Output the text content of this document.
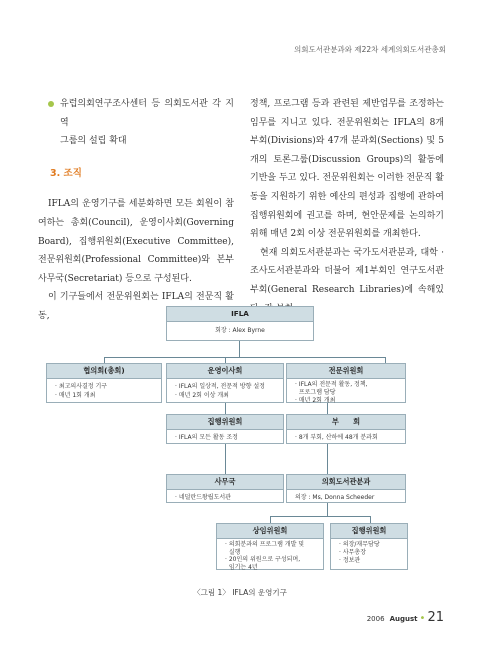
의회도서관분과와 제22차 세계의회도서관총회
유럽의회연구조사센터 등 의회도서관 각 지역
그룹의 설립 확대
3. 조직

IFLA의 운영기구를 세분화하면 모든 회원이 참여하는 총회(Council), 운영이사회(Governing Board), 집행위원회(Executive Committee), 전문위원회(Professional Committee)와 본부사무국(Secretariat) 등으로 구성된다.

이 기구들에서 전문위원회는 IFLA의 전문직 활동,

정책, 프로그램 등과 관련된 제반업무를 조정하는 임무를 지니고 있다. 전문위원회는 IFLA의 8개 부회(Divisions)와 47개 분과회(Sections) 및 5개의 토론그룹(Discussion Groups)의 활동에 기반을 두고 있다. 전문위원회는 이러한 전문직 활동을 지원하기 위한 예산의 편성과 집행에 관하여 집행위원회에 권고를 하며, 현안문제를 논의하기 위해 매년 2회 이상 전문위원회를 개최한다.

현재 의회도서관분과는 국가도서관분과, 대학 · 조사도서관분과와 더불어 제1부회인 연구도서관부회(General Research Libraries)에 속해있

IFLA
회장 : Alex Byrne
협의회(총회)
· 최고의사결정 기구
· 매년 1회 개최
운영이사회
· IFLA의 일상적, 전문적 방향 설정
· 매년 2회 이상 개최
전문위원회
· IFLA의 전문적 활동, 정책,
프로그램 담당
· 매년 2회 개최
집행위원회
· IFLA의 모든 활동 조정
부　　회
· 8개 부회, 산하에 48개 분과회
사무국
· 네덜란드왕립도서관
의회도서관분과
의장 : Ms, Donna Scheeder
상임위원회
· 의회분과의 프로그램 개발 및
실행
· 20인의 위원으로 구성되며,
임기는 4년
집행위원회
· 의장/재무담당
· 사무총장
· 정보관
〈그림 1〉 IFLA의 운영기구
2006 August • 21
